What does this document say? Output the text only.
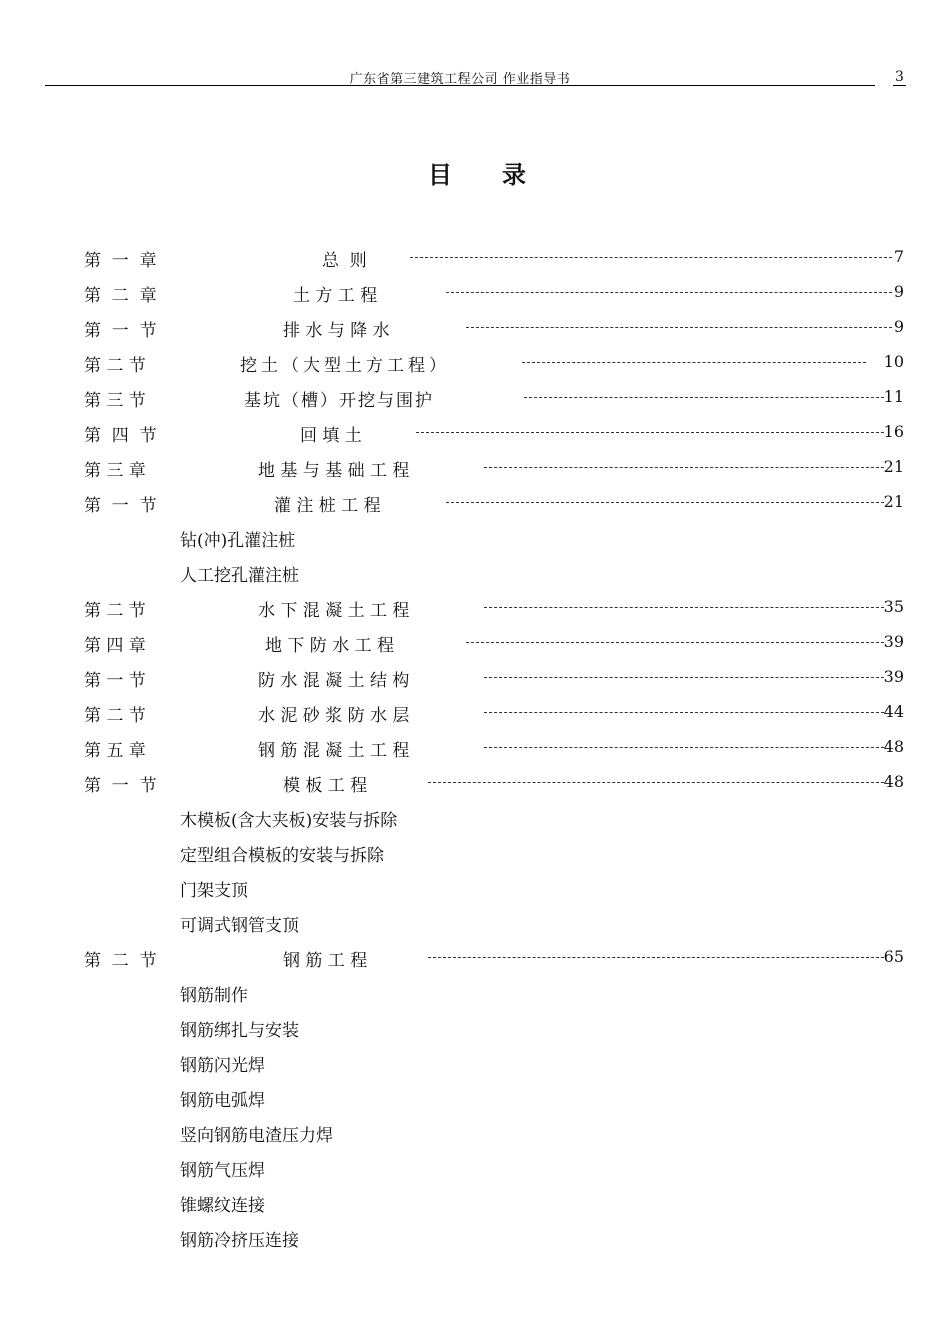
广东省第三建筑工程公司 作业指导书	3
目录
第  一  章	总  则	7
第  二  章	土 方 工 程	9
第  一  节	排 水 与 降 水	9
第 二 节	挖土（大型土方工程）	10
第 三 节	基坑（槽）开挖与围护	11
第  四  节	回 填 土	16
第 三 章	地 基 与 基 础 工 程	21
第  一  节	灌 注 桩 工 程	21
钻(冲)孔灌注桩
人工挖孔灌注桩
第 二 节	水 下 混 凝 土 工 程	35
第 四 章	地 下 防 水 工 程	39
第 一 节	防 水 混 凝 土 结 构	39
第 二 节	水 泥 砂 浆 防 水 层	44
第 五 章	钢 筋 混 凝 土 工 程	48
第  一  节	模 板 工 程	48
木模板(含大夹板)安装与拆除
定型组合模板的安装与拆除
门架支顶
可调式钢管支顶
第  二  节	钢 筋 工 程	65
钢筋制作
钢筋绑扎与安装
钢筋闪光焊
钢筋电弧焊
竖向钢筋电渣压力焊
钢筋气压焊
锥螺纹连接
钢筋冷挤压连接
